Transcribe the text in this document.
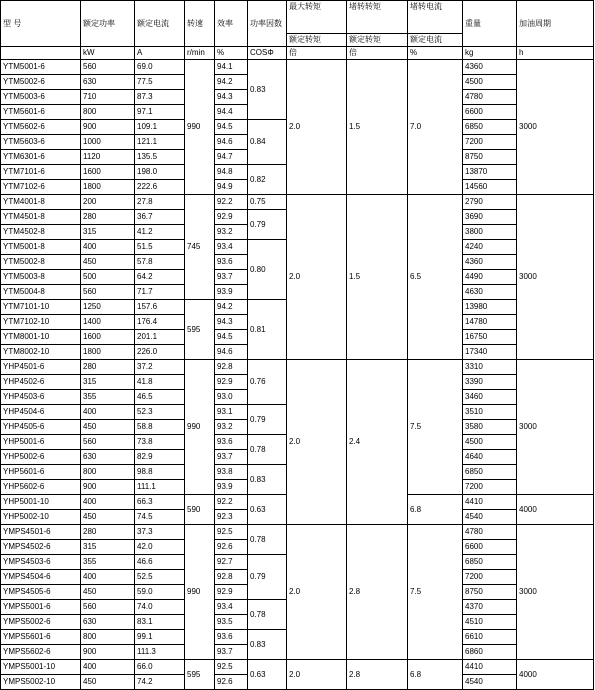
型 号	额定功率	额定电流	转速	效率	功率因数	最大转矩	堵转转矩	堵转电流	重量	加油周期
						额定转矩	额定转矩	额定电流		
	kW	A	r/min	%	COSΦ	倍	倍	%	kg	h
YTM5001-6	560	69.0	990	94.1	0.83	2.0	1.5	7.0	4360	3000
YTM5002-6	630	77.5		94.2					4500	
YTM5003-6	710	87.3		94.3					4780	
YTM5601-6	800	97.1		94.4					6600	
YTM5602-6	900	109.1		94.5	0.84				6850	
YTM5603-6	1000	121.1		94.6					7200	
YTM6301-6	1120	135.5		94.7					8750	
YTM7101-6	1600	198.0		94.8	0.82				13870	
YTM7102-6	1800	222.6		94.9					14560	
YTM4001-8	200	27.8	745	92.2	0.75	2.0	1.5	6.5	2790	3000
YTM4501-8	280	36.7		92.9	0.79				3690	
YTM4502-8	315	41.2		93.2					3800	
YTM5001-8	400	51.5		93.4	0.80				4240	
YTM5002-8	450	57.8		93.6					4360	
YTM5003-8	500	64.2		93.7					4490	
YTM5004-8	560	71.7		93.9					4630	
YTM7101-10	1250	157.6	595	94.2	0.81				13980	
YTM7102-10	1400	176.4		94.3					14780	
YTM8001-10	1600	201.1		94.5					16750	
YTM8002-10	1800	226.0		94.6					17340	
YHP4501-6	280	37.2	990	92.8	0.76	2.0	2.4	7.5	3310	3000
YHP4502-6	315	41.8		92.9					3390	
YHP4503-6	355	46.5		93.0					3460	
YHP4504-6	400	52.3		93.1	0.79				3510	
YHP4505-6	450	58.8		93.2					3580	
YHP5001-6	560	73.8		93.6	0.78				4500	
YHP5002-6	630	82.9		93.7					4640	
YHP5601-6	800	98.8		93.8	0.83				6850	
YHP5602-6	900	111.1		93.9					7200	
YHP5001-10	400	66.3	590	92.2	0.63			6.8	4410	4000
YHP5002-10	450	74.5		92.3					4540	
YMPS4501-6	280	37.3	990	92.5	0.78	2.0	2.8	7.5	4780	3000
YMPS4502-6	315	42.0		92.6					6600	
YMPS4503-6	355	46.6		92.7	0.79				6850	
YMPS4504-6	400	52.5		92.8					7200	
YMPS4505-6	450	59.0		92.9					8750	
YMPS5001-6	560	74.0		93.4	0.78				4370	
YMPS5002-6	630	83.1		93.5					4510	
YMPS5601-6	800	99.1		93.6	0.83				6610	
YMPS5602-6	900	111.3		93.7					6860	
YMPS5001-10	400	66.0	595	92.5	0.63	2.0	2.8	6.8	4410	4000
YMPS5002-10	450	74.2		92.6					4540	
